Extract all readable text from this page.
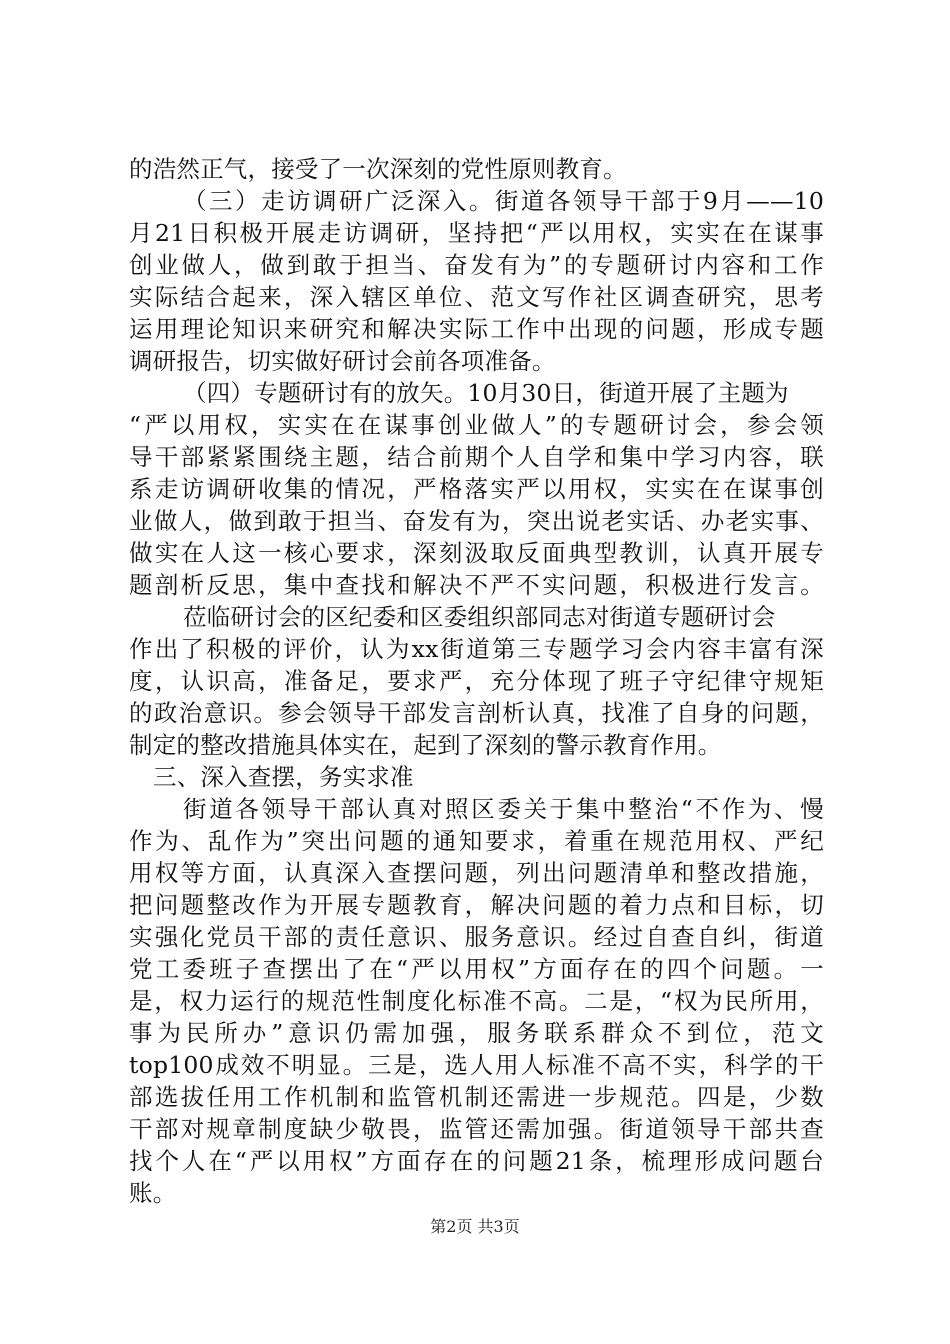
的浩然正气，接受了一次深刻的党性原则教育。
（三）走访调研广泛深入。街道各领导干部于9月——10
月21日积极开展走访调研，坚持把“严以用权，实实在在谋事
创业做人，做到敢于担当、奋发有为”的专题研讨内容和工作
实际结合起来，深入辖区单位、范文写作社区调查研究，思考
运用理论知识来研究和解决实际工作中出现的问题，形成专题
调研报告，切实做好研讨会前各项准备。
（四）专题研讨有的放矢。10月30日，街道开展了主题为
“严以用权，实实在在谋事创业做人”的专题研讨会，参会领
导干部紧紧围绕主题，结合前期个人自学和集中学习内容，联
系走访调研收集的情况，严格落实严以用权，实实在在谋事创
业做人，做到敢于担当、奋发有为，突出说老实话、办老实事、
做实在人这一核心要求，深刻汲取反面典型教训，认真开展专
题剖析反思，集中查找和解决不严不实问题，积极进行发言。
莅临研讨会的区纪委和区委组织部同志对街道专题研讨会
作出了积极的评价，认为xx街道第三专题学习会内容丰富有深
度，认识高，准备足，要求严，充分体现了班子守纪律守规矩
的政治意识。参会领导干部发言剖析认真，找准了自身的问题，
制定的整改措施具体实在，起到了深刻的警示教育作用。
三、深入查摆，务实求准
街道各领导干部认真对照区委关于集中整治“不作为、慢
作为、乱作为”突出问题的通知要求，着重在规范用权、严纪
用权等方面，认真深入查摆问题，列出问题清单和整改措施，
把问题整改作为开展专题教育，解决问题的着力点和目标，切
实强化党员干部的责任意识、服务意识。经过自查自纠，街道
党工委班子查摆出了在“严以用权”方面存在的四个问题。一
是，权力运行的规范性制度化标准不高。二是，“权为民所用，
事为民所办”意识仍需加强，服务联系群众不到位，范文
top100成效不明显。三是，选人用人标准不高不实，科学的干
部选拔任用工作机制和监管机制还需进一步规范。四是，少数
干部对规章制度缺少敬畏，监管还需加强。街道领导干部共查
找个人在“严以用权”方面存在的问题21条，梳理形成问题台
账。
第2页 共3页
